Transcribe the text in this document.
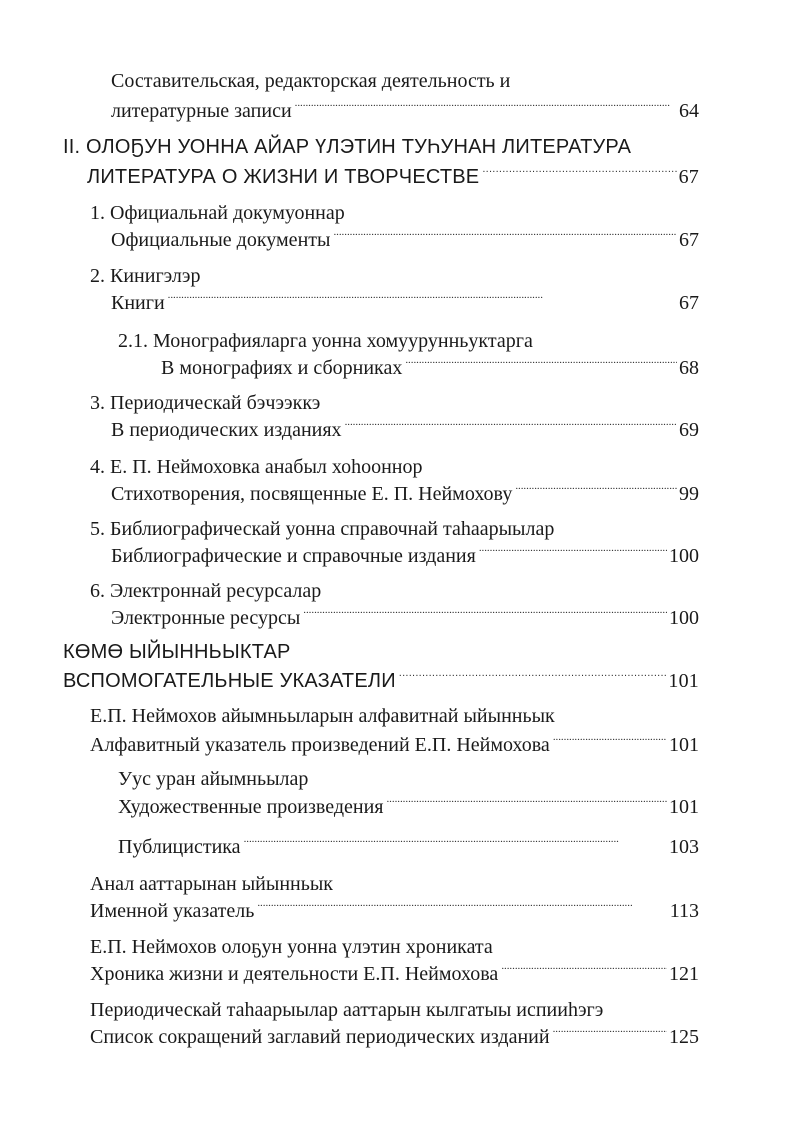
Составительская, редакторская деятельность и
литературные записи . . .	64
II. ОЛОҔУН УОННА АЙАР ҮЛЭТИН ТУҺУНАН ЛИТЕРАТУРА
ЛИТЕРАТУРА О ЖИЗНИ И ТВОРЧЕСТВЕ . . .	67
1. Официальнай докумуоннар
Официальные документы . . .	67
2. Кинигэлэр
Книги . . .	67
2.1. Монографияларга уонна хомуурунньуктарга
В монографиях и сборниках . . .	68
3. Периодическай бэчээккэ
В периодических изданиях . . .	69
4. Е. П. Неймоховка анабыл хоһооннор
Стихотворения, посвященные Е. П. Неймохову . . .	99
5. Библиографическай уонна справочнай таһаарыылар
Библиографические и справочные издания . . .	100
6. Электроннай ресурсалар
Электронные ресурсы . . .	100
КӨМӨ ЫЙЫННЬЫКТАР
ВСПОМОГАТЕЛЬНЫЕ УКАЗАТЕЛИ . . .	101
Е.П. Неймохов айымньыларын алфавитнай ыйынньык
Алфавитный указатель произведений Е.П. Неймохова . . .	101
Уус уран айымньылар
Художественные произведения . . .	101
Публицистика . . .	103
Анал ааттарынан ыйынньык
Именной указатель . . .	113
Е.П. Неймохов олоҕун уонна үлэтин хрониката
Хроника жизни и деятельности Е.П. Неймохова . . .	121
Периодическай таһаарыылар ааттарын кылгатыы испииһэгэ
Список сокращений заглавий периодических изданий . . .	125
